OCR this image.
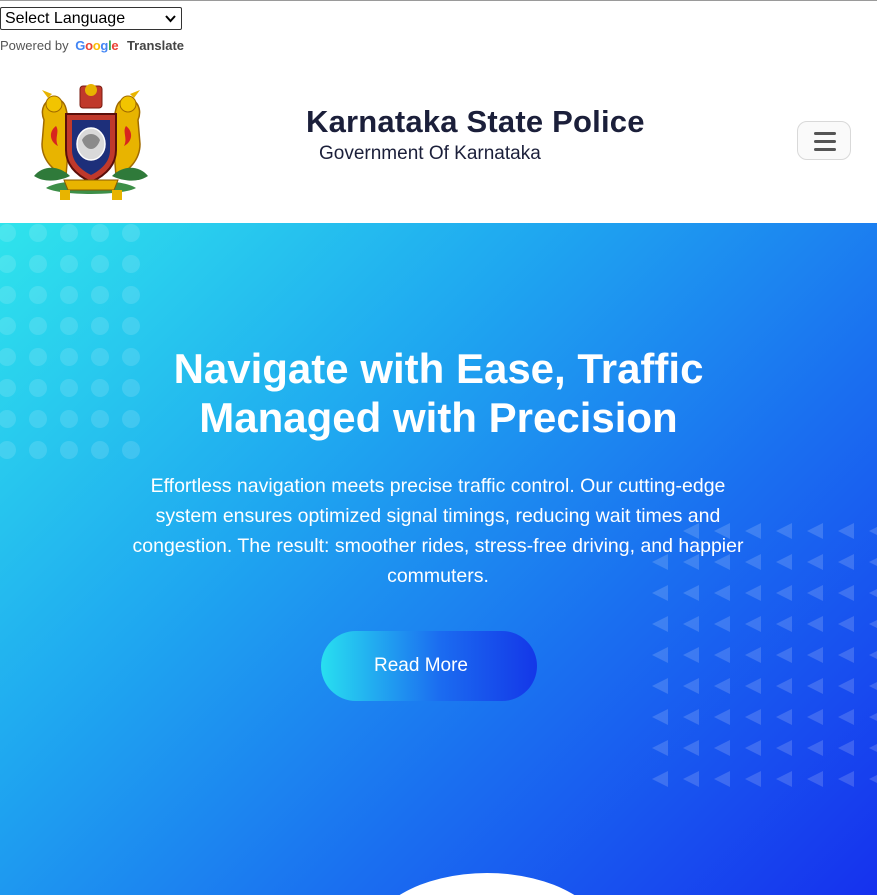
Select Language
Powered by Google Translate
Karnataka State Police
Government Of Karnataka
Navigate with Ease, Traffic
Managed with Precision
Effortless navigation meets precise traffic control. Our cutting-edge
system ensures optimized signal timings, reducing wait times and
congestion. The result: smoother rides, stress-free driving, and happier
commuters.
Read More
